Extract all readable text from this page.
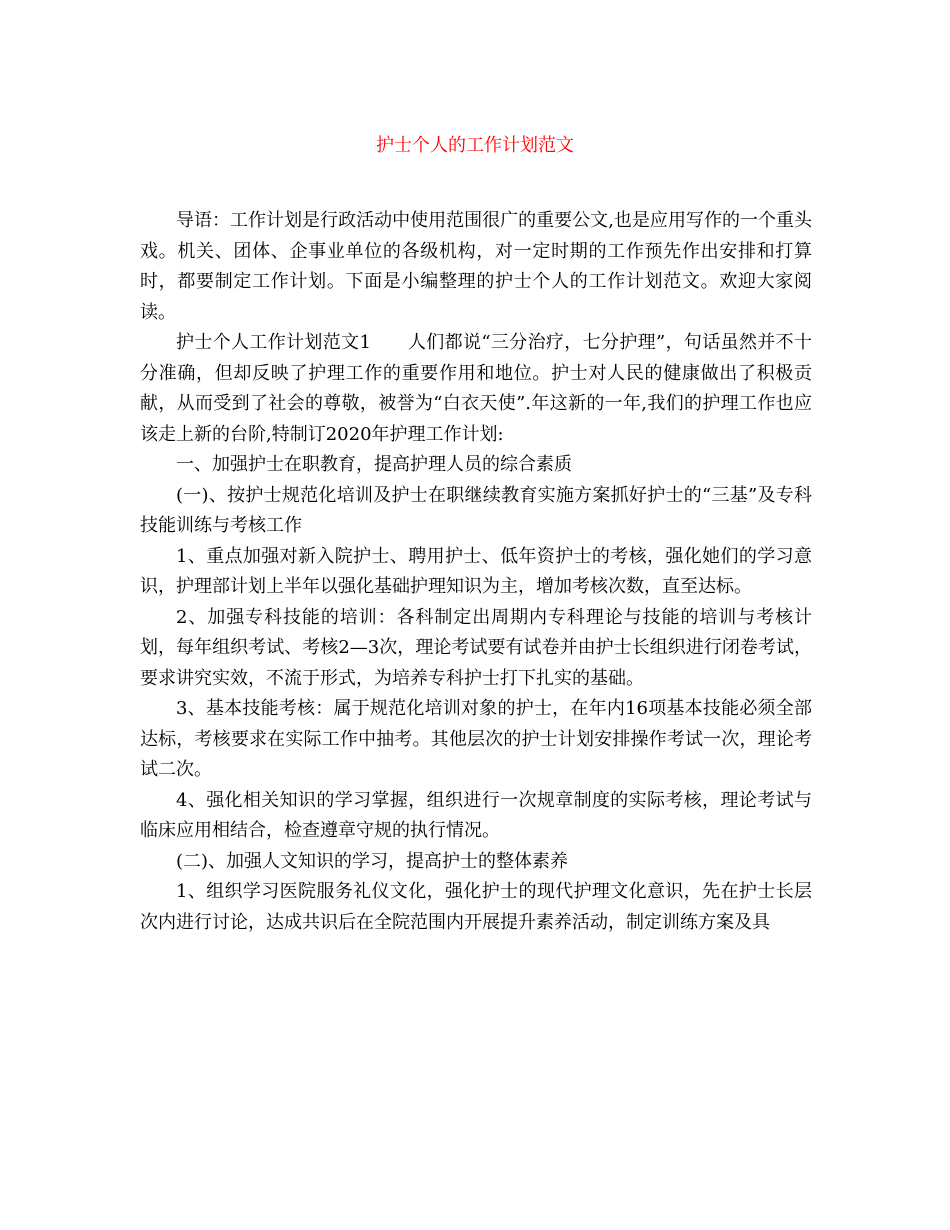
护士个人的工作计划范文

导语：工作计划是行政活动中使用范围很广的重要公文,也是应用写作的一个重头戏。机关、团体、企事业单位的各级机构，对一定时期的工作预先作出安排和打算时，都要制定工作计划。下面是小编整理的护士个人的工作计划范文。欢迎大家阅读。

护士个人工作计划范文1　　人们都说“三分治疗，七分护理”，句话虽然并不十分准确，但却反映了护理工作的重要作用和地位。护士对人民的健康做出了积极贡献，从而受到了社会的尊敬，被誉为“白衣天使”.年这新的一年,我们的护理工作也应该走上新的台阶,特制订2020年护理工作计划:

一、加强护士在职教育，提高护理人员的综合素质

(一)、按护士规范化培训及护士在职继续教育实施方案抓好护士的“三基”及专科技能训练与考核工作

1、重点加强对新入院护士、聘用护士、低年资护士的考核，强化她们的学习意识，护理部计划上半年以强化基础护理知识为主，增加考核次数，直至达标。

2、加强专科技能的培训：各科制定出周期内专科理论与技能的培训与考核计划，每年组织考试、考核2—3次，理论考试要有试卷并由护士长组织进行闭卷考试，要求讲究实效，不流于形式，为培养专科护士打下扎实的基础。

3、基本技能考核：属于规范化培训对象的护士，在年内16项基本技能必须全部达标，考核要求在实际工作中抽考。其他层次的护士计划安排操作考试一次，理论考试二次。

4、强化相关知识的学习掌握，组织进行一次规章制度的实际考核，理论考试与临床应用相结合，检查遵章守规的执行情况。

(二)、加强人文知识的学习，提高护士的整体素养

1、组织学习医院服务礼仪文化，强化护士的现代护理文化意识，先在护士长层次内进行讨论，达成共识后在全院范围内开展提升素养活动，制定训练方案及具
